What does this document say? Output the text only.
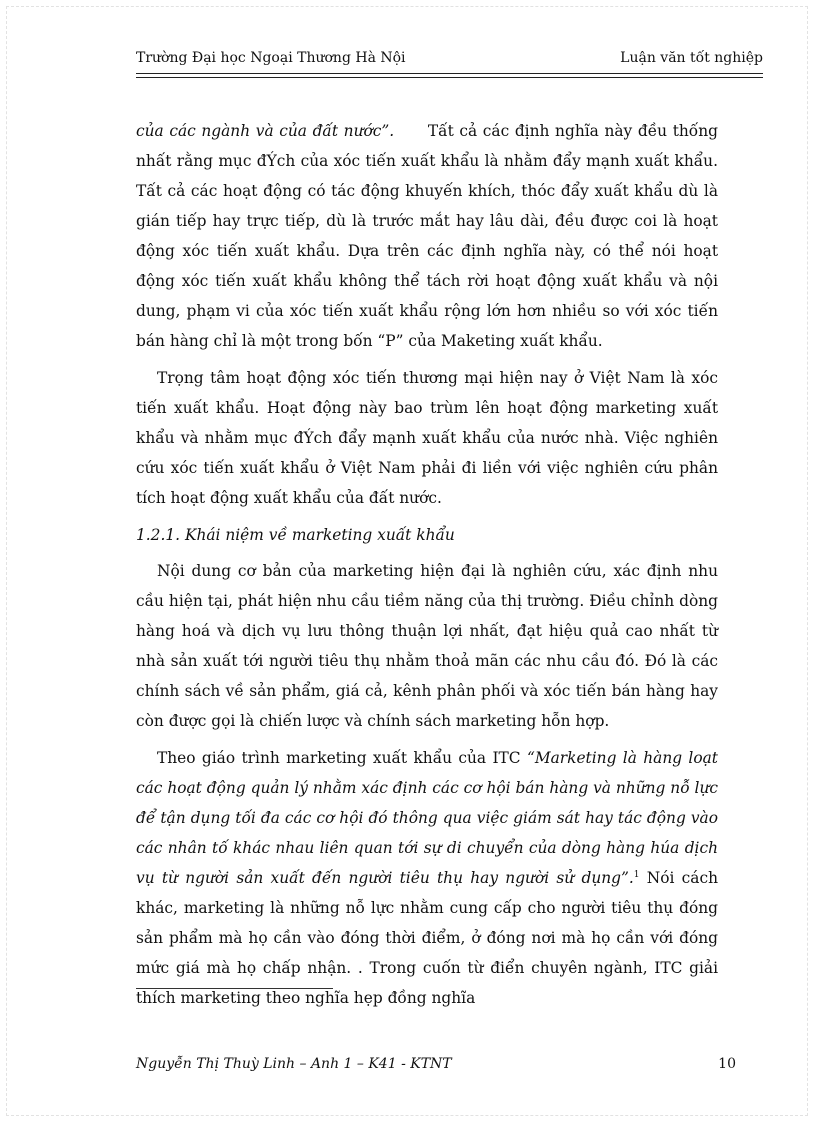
Trường Đại học Ngoại Thương Hà Nội	Luận văn tốt nghiệp

của các ngành và của đất nước”. Tất cả các định nghĩa này đều thống nhất rằng mục đÝch của xóc tiến xuất khẩu là nhằm đẩy mạnh xuất khẩu. Tất cả các hoạt động có tác động khuyến khích, thóc đẩy xuất khẩu dù là gián tiếp hay trực tiếp, dù là trước mắt hay lâu dài, đều được coi là hoạt động xóc tiến xuất khẩu. Dựa trên các định nghĩa này, có thể nói hoạt động xóc tiến xuất khẩu không thể tách rời hoạt động xuất khẩu và nội dung, phạm vi của xóc tiến xuất khẩu rộng lớn hơn nhiều so với xóc tiến bán hàng chỉ là một trong bốn “P” của Maketing xuất khẩu.

Trọng tâm hoạt động xóc tiến thương mại hiện nay ở Việt Nam là xóc tiến xuất khẩu. Hoạt động này bao trùm lên hoạt động marketing xuất khẩu và nhằm mục đÝch đẩy mạnh xuất khẩu của nước nhà. Việc nghiên cứu xóc tiến xuất khẩu ở Việt Nam phải đi liền với việc nghiên cứu phân tích hoạt động xuất khẩu của đất nước.

1.2.1. Khái niệm về marketing xuất khẩu

Nội dung cơ bản của marketing hiện đại là nghiên cứu, xác định nhu cầu hiện tại, phát hiện nhu cầu tiềm năng của thị trường. Điều chỉnh dòng hàng hoá và dịch vụ lưu thông thuận lợi nhất, đạt hiệu quả cao nhất từ nhà sản xuất tới người tiêu thụ nhằm thoả mãn các nhu cầu đó. Đó là các chính sách về sản phẩm, giá cả, kênh phân phối và xóc tiến bán hàng hay còn được gọi là chiến lược và chính sách marketing hỗn hợp.

Theo giáo trình marketing xuất khẩu của ITC “Marketing là hàng loạt các hoạt động quản lý nhằm xác định các cơ hội bán hàng và những nỗ lực để tận dụng tối đa các cơ hội đó thông qua việc giám sát hay tác động vào các nhân tố khác nhau liên quan tới sự di chuyển của dòng hàng húa dịch vụ từ người sản xuất đến người tiêu thụ hay người sử dụng”.$^1$ Nói cách khác, marketing là những nỗ lực nhằm cung cấp cho người tiêu thụ đóng sản phẩm mà họ cần vào đóng thời điểm, ở đóng nơi mà họ cần với đóng mức giá mà họ chấp nhận. . Trong cuốn từ điển chuyên ngành, ITC giải thích marketing theo nghĩa hẹp đồng nghĩa

Nguyễn Thị Thuỳ Linh – Anh 1 – K41 - KTNT	10
